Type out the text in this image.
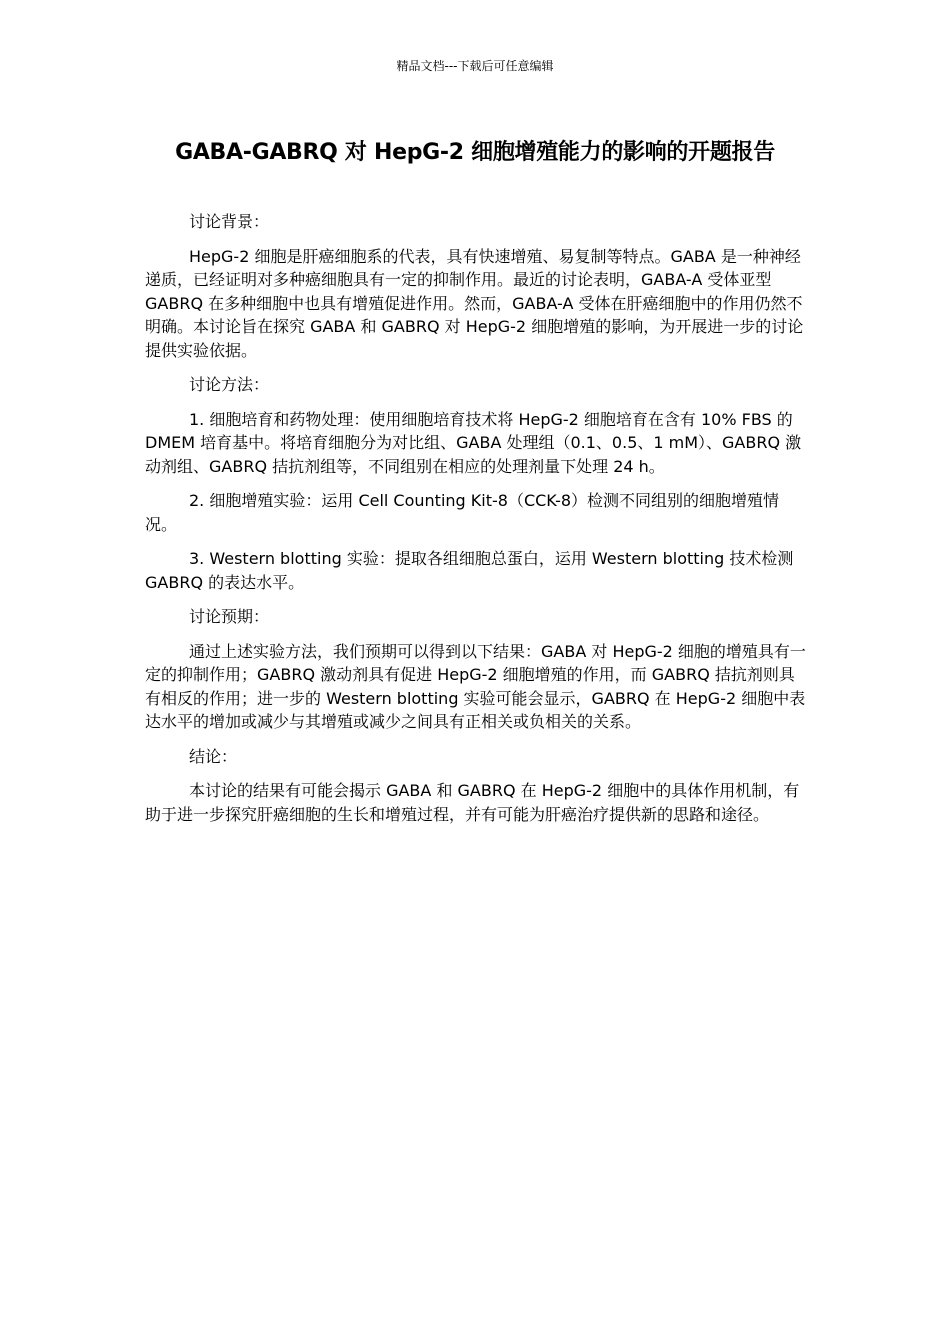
精品文档---下载后可任意编辑
GABA-GABRQ 对 HepG-2 细胞增殖能力的影响的开题报告

讨论背景：

HepG-2 细胞是肝癌细胞系的代表，具有快速增殖、易复制等特点。GABA 是一种神经递质，已经证明对多种癌细胞具有一定的抑制作用。最近的讨论表明，GABA-A 受体亚型 GABRQ 在多种细胞中也具有增殖促进作用。然而，GABA-A 受体在肝癌细胞中的作用仍然不明确。本讨论旨在探究 GABA 和 GABRQ 对 HepG-2 细胞增殖的影响，为开展进一步的讨论提供实验依据。

讨论方法：

1. 细胞培育和药物处理：使用细胞培育技术将 HepG-2 细胞培育在含有 10% FBS 的 DMEM 培育基中。将培育细胞分为对比组、GABA 处理组（0.1、0.5、1 mM）、GABRQ 激动剂组、GABRQ 拮抗剂组等，不同组别在相应的处理剂量下处理 24 h。

2. 细胞增殖实验：运用 Cell Counting Kit-8（CCK-8）检测不同组别的细胞增殖情况。

3. Western blotting 实验：提取各组细胞总蛋白，运用 Western blotting 技术检测 GABRQ 的表达水平。

讨论预期：

通过上述实验方法，我们预期可以得到以下结果：GABA 对 HepG-2 细胞的增殖具有一定的抑制作用；GABRQ 激动剂具有促进 HepG-2 细胞增殖的作用，而 GABRQ 拮抗剂则具有相反的作用；进一步的 Western blotting 实验可能会显示，GABRQ 在 HepG-2 细胞中表达水平的增加或减少与其增殖或减少之间具有正相关或负相关的关系。

结论：

本讨论的结果有可能会揭示 GABA 和 GABRQ 在 HepG-2 细胞中的具体作用机制，有助于进一步探究肝癌细胞的生长和增殖过程，并有可能为肝癌治疗提供新的思路和途径。
